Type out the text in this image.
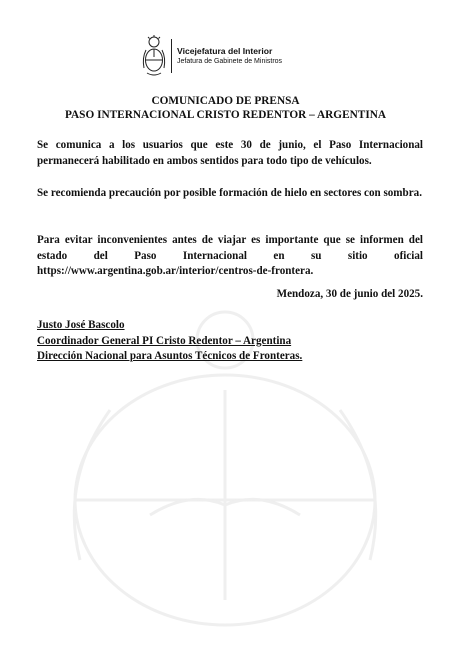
Vicejefatura del Interior
Jefatura de Gabinete de Ministros
COMUNICADO DE PRENSA
PASO INTERNACIONAL CRISTO REDENTOR – ARGENTINA
Se comunica a los usuarios que este 30 de junio, el Paso Internacional permanecerá habilitado en ambos sentidos para todo tipo de vehículos.
Se recomienda precaución por posible formación de hielo en sectores con sombra.
Para evitar inconvenientes antes de viajar es importante que se informen del estado del Paso Internacional en su sitio oficial https://www.argentina.gob.ar/interior/centros-de-frontera.
Mendoza, 30 de junio del 2025.
Justo José Bascolo
Coordinador General PI Cristo Redentor – Argentina
Dirección Nacional para Asuntos Técnicos de Fronteras.
